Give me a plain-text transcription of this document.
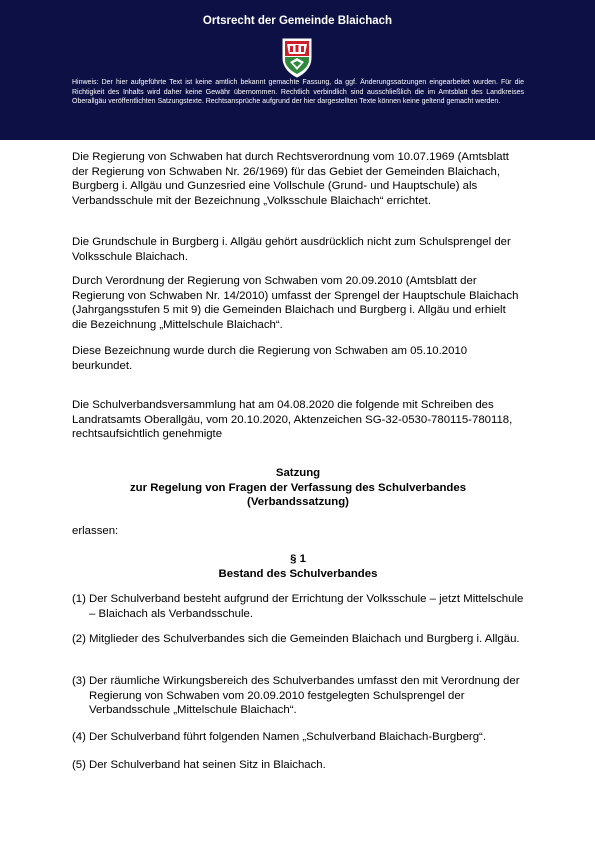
Ortsrecht der Gemeinde Blaichach
Hinweis: Der hier aufgeführte Text ist keine amtlich bekannt gemachte Fassung, da ggf. Änderungssatzungen eingearbeitet wurden. Für die Richtigkeit des Inhalts wird daher keine Gewähr übernommen. Rechtlich verbindlich sind ausschließlich die im Amtsblatt des Landkreises Oberallgäu veröffentlichten Satzungstexte. Rechtsansprüche aufgrund der hier dargestellten Texte können keine geltend gemacht werden.

Die Regierung von Schwaben hat durch Rechtsverordnung vom 10.07.1969 (Amtsblatt der Regierung von Schwaben Nr. 26/1969) für das Gebiet der Gemeinden Blaichach, Burgberg i. Allgäu und Gunzesried eine Vollschule (Grund- und Hauptschule) als Verbandsschule mit der Bezeichnung „Volksschule Blaichach“ errichtet.

Die Grundschule in Burgberg i. Allgäu gehört ausdrücklich nicht zum Schulsprengel der Volksschule Blaichach.

Durch Verordnung der Regierung von Schwaben vom 20.09.2010 (Amtsblatt der Regierung von Schwaben Nr. 14/2010) umfasst der Sprengel der Hauptschule Blaichach (Jahrgangsstufen 5 mit 9) die Gemeinden Blaichach und Burgberg i. Allgäu und erhielt die Bezeichnung „Mittelschule Blaichach“.

Diese Bezeichnung wurde durch die Regierung von Schwaben am 05.10.2010 beurkundet.

Die Schulverbandsversammlung hat am 04.08.2020 die folgende mit Schreiben des Landratsamts Oberallgäu, vom 20.10.2020, Aktenzeichen SG-32-0530-780115-780118, rechtsaufsichtlich genehmigte

Satzung
zur Regelung von Fragen der Verfassung des Schulverbandes
(Verbandssatzung)

erlassen:

§ 1
Bestand des Schulverbandes
(1) Der Schulverband besteht aufgrund der Errichtung der Volksschule – jetzt Mittelschule – Blaichach als Verbandsschule.
(2) Mitglieder des Schulverbandes sich die Gemeinden Blaichach und Burgberg i. Allgäu.
(3) Der räumliche Wirkungsbereich des Schulverbandes umfasst den mit Verordnung der Regierung von Schwaben vom 20.09.2010 festgelegten Schulsprengel der Verbandsschule „Mittelschule Blaichach“.
(4) Der Schulverband führt folgenden Namen „Schulverband Blaichach-Burgberg“.
(5) Der Schulverband hat seinen Sitz in Blaichach.
